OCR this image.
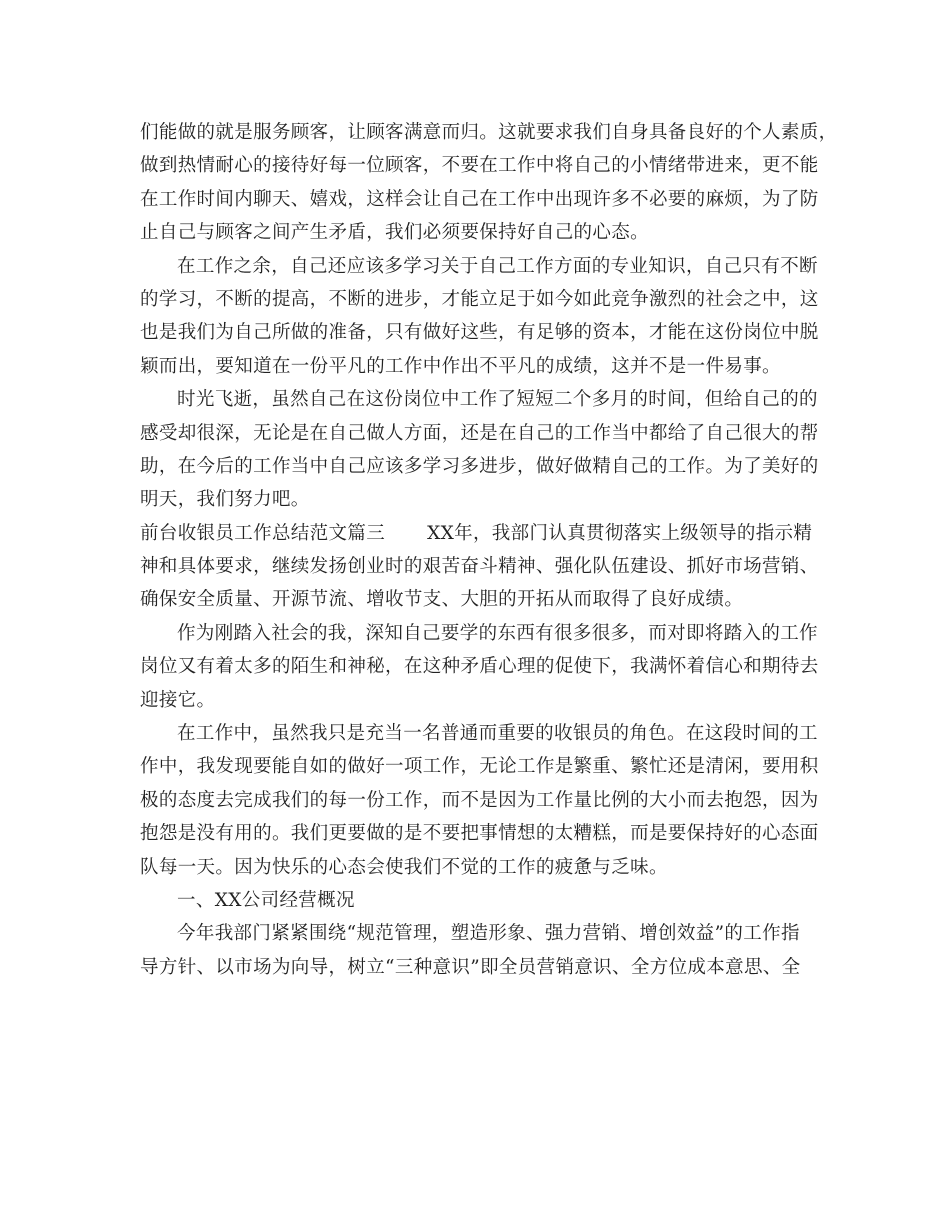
们能做的就是服务顾客，让顾客满意而归。这就要求我们自身具备良好的个人素质，
做到热情耐心的接待好每一位顾客，不要在工作中将自己的小情绪带进来，更不能
在工作时间内聊天、嬉戏，这样会让自己在工作中出现许多不必要的麻烦，为了防
止自己与顾客之间产生矛盾，我们必须要保持好自己的心态。
在工作之余，自己还应该多学习关于自己工作方面的专业知识，自己只有不断
的学习，不断的提高，不断的进步，才能立足于如今如此竞争激烈的社会之中，这
也是我们为自己所做的准备，只有做好这些，有足够的资本，才能在这份岗位中脱
颖而出，要知道在一份平凡的工作中作出不平凡的成绩，这并不是一件易事。
时光飞逝，虽然自己在这份岗位中工作了短短二个多月的时间，但给自己的的
感受却很深，无论是在自己做人方面，还是在自己的工作当中都给了自己很大的帮
助，在今后的工作当中自己应该多学习多进步，做好做精自己的工作。为了美好的
明天，我们努力吧。
前台收银员工作总结范文篇三 XX年，我部门认真贯彻落实上级领导的指示精
神和具体要求，继续发扬创业时的艰苦奋斗精神、强化队伍建设、抓好市场营销、
确保安全质量、开源节流、增收节支、大胆的开拓从而取得了良好成绩。
作为刚踏入社会的我，深知自己要学的东西有很多很多，而对即将踏入的工作
岗位又有着太多的陌生和神秘，在这种矛盾心理的促使下，我满怀着信心和期待去
迎接它。
在工作中，虽然我只是充当一名普通而重要的收银员的角色。在这段时间的工
作中，我发现要能自如的做好一项工作，无论工作是繁重、繁忙还是清闲，要用积
极的态度去完成我们的每一份工作，而不是因为工作量比例的大小而去抱怨，因为
抱怨是没有用的。我们更要做的是不要把事情想的太糟糕，而是要保持好的心态面
队每一天。因为快乐的心态会使我们不觉的工作的疲惫与乏味。
一、XX公司经营概况
今年我部门紧紧围绕“规范管理，塑造形象、强力营销、增创效益”的工作指
导方针、以市场为向导，树立“三种意识”即全员营销意识、全方位成本意思、全
